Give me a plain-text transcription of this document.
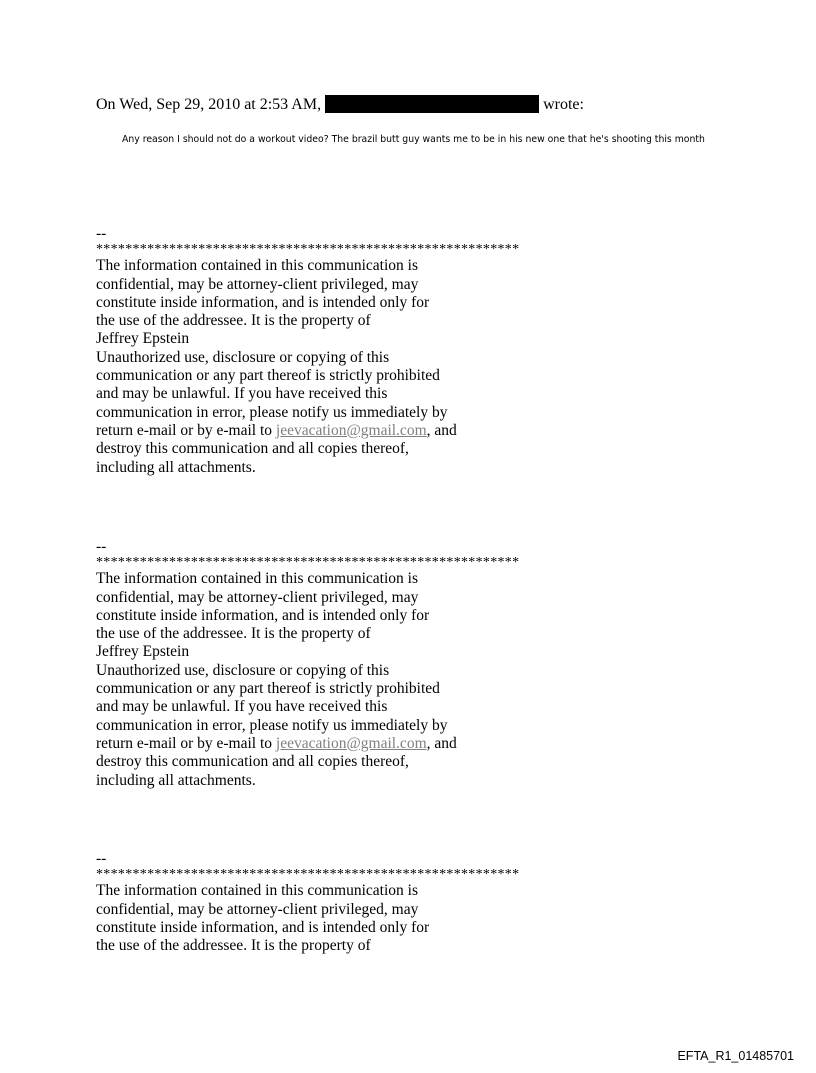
On Wed, Sep 29, 2010 at 2:53 AM,	wrote:
Any reason I should not do a workout video? The brazil butt guy wants me to be in his new one that he's shooting this month
--
**********************************************************
The information contained in this communication is
confidential, may be attorney-client privileged, may
constitute inside information, and is intended only for
the use of the addressee. It is the property of
Jeffrey Epstein
Unauthorized use, disclosure or copying of this
communication or any part thereof is strictly prohibited
and may be unlawful. If you have received this
communication in error, please notify us immediately by
return e-mail or by e-mail to jeevacation@gmail.com, and
destroy this communication and all copies thereof,
including all attachments.
--
**********************************************************
The information contained in this communication is
confidential, may be attorney-client privileged, may
constitute inside information, and is intended only for
the use of the addressee. It is the property of
Jeffrey Epstein
Unauthorized use, disclosure or copying of this
communication or any part thereof is strictly prohibited
and may be unlawful. If you have received this
communication in error, please notify us immediately by
return e-mail or by e-mail to jeevacation@gmail.com, and
destroy this communication and all copies thereof,
including all attachments.
--
**********************************************************
The information contained in this communication is
confidential, may be attorney-client privileged, may
constitute inside information, and is intended only for
the use of the addressee. It is the property of
EFTA_R1_01485701
